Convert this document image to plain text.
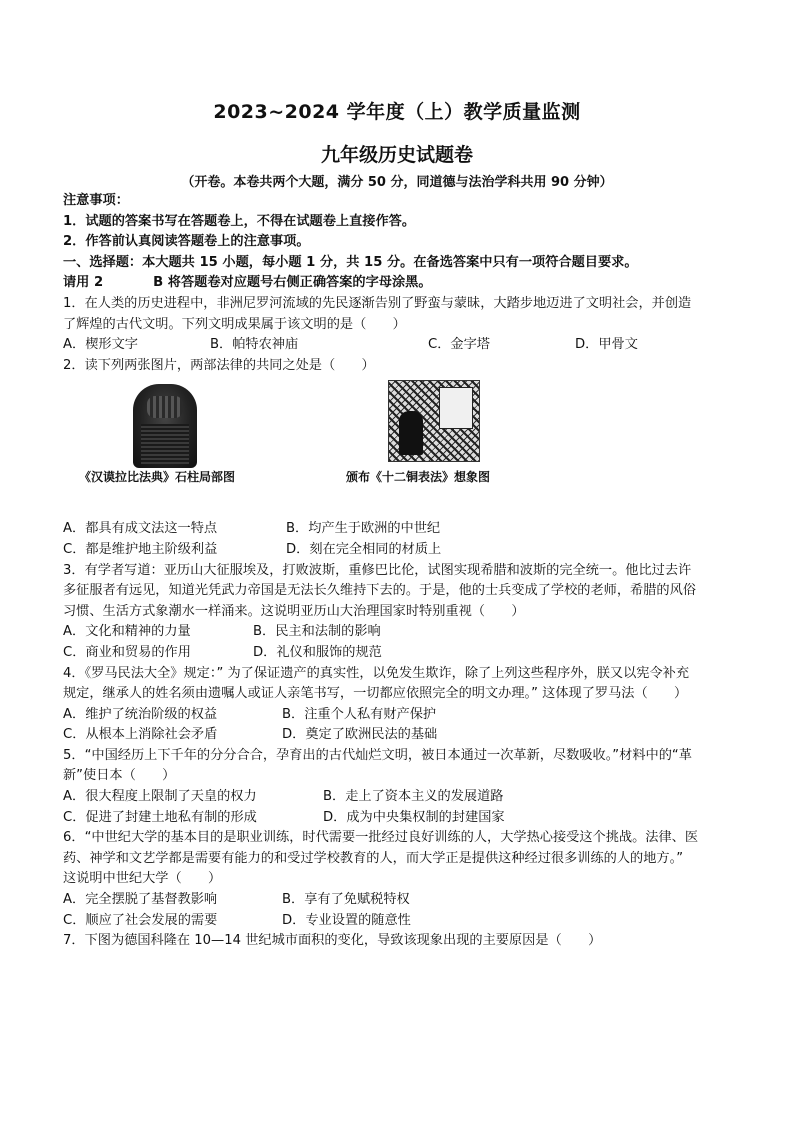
2023~2024 学年度（上）教学质量监测
九年级历史试题卷
（开卷。本卷共两个大题，满分 50 分，同道德与法治学科共用 90 分钟）
注意事项：
1．试题的答案书写在答题卷上，不得在试题卷上直接作答。
2．作答前认真阅读答题卷上的注意事项。
一、选择题：本大题共 15 小题，每小题 1 分，共 15 分。在备选答案中只有一项符合题目要求。
请用 2	B 将答题卷对应题号右侧正确答案的字母涂黑。
1．在人类的历史进程中，非洲尼罗河流域的先民逐渐告别了野蛮与蒙昧，大踏步地迈进了文明社会，并创造
了辉煌的古代文明。下列文明成果属于该文明的是（　　）
A．楔形文字	B．帕特农神庙	C．金字塔	D．甲骨文
2．读下列两张图片，两部法律的共同之处是（　　）
《汉谟拉比法典》石柱局部图	颁布《十二铜表法》想象图
A．都具有成文法这一特点	B．均产生于欧洲的中世纪
C．都是维护地主阶级利益	D．刻在完全相同的材质上
3．有学者写道：亚历山大征服埃及，打败波斯，重修巴比伦，试图实现希腊和波斯的完全统一。他比过去许
多征服者有远见，知道光凭武力帝国是无法长久维持下去的。于是，他的士兵变成了学校的老师，希腊的风俗
习惯、生活方式象潮水一样涌来。这说明亚历山大治理国家时特别重视（　　）
A．文化和精神的力量	B．民主和法制的影响
C．商业和贸易的作用	D．礼仪和服饰的规范
4．《罗马民法大全》规定：” 为了保证遗产的真实性，以免发生欺诈，除了上列这些程序外，朕又以宪令补充
规定，继承人的姓名须由遗嘱人或证人亲笔书写，一切都应依照完全的明文办理。” 这体现了罗马法（　　）
A．维护了统治阶级的权益	B．注重个人私有财产保护
C．从根本上消除社会矛盾	D．奠定了欧洲民法的基础
5．“中国经历上下千年的分分合合，孕育出的古代灿烂文明，被日本通过一次革新，尽数吸收。”材料中的“革
新”使日本（　　）
A．很大程度上限制了天皇的权力	B．走上了资本主义的发展道路
C．促进了封建土地私有制的形成	D．成为中央集权制的封建国家
6．“中世纪大学的基本目的是职业训练，时代需要一批经过良好训练的人，大学热心接受这个挑战。法律、医
药、神学和文艺学都是需要有能力的和受过学校教育的人，而大学正是提供这种经过很多训练的人的地方。”
这说明中世纪大学（　　）
A．完全摆脱了基督教影响	B．享有了免赋税特权
C．顺应了社会发展的需要	D．专业设置的随意性
7．下图为德国科隆在 10—14 世纪城市面积的变化，导致该现象出现的主要原因是（　　）
